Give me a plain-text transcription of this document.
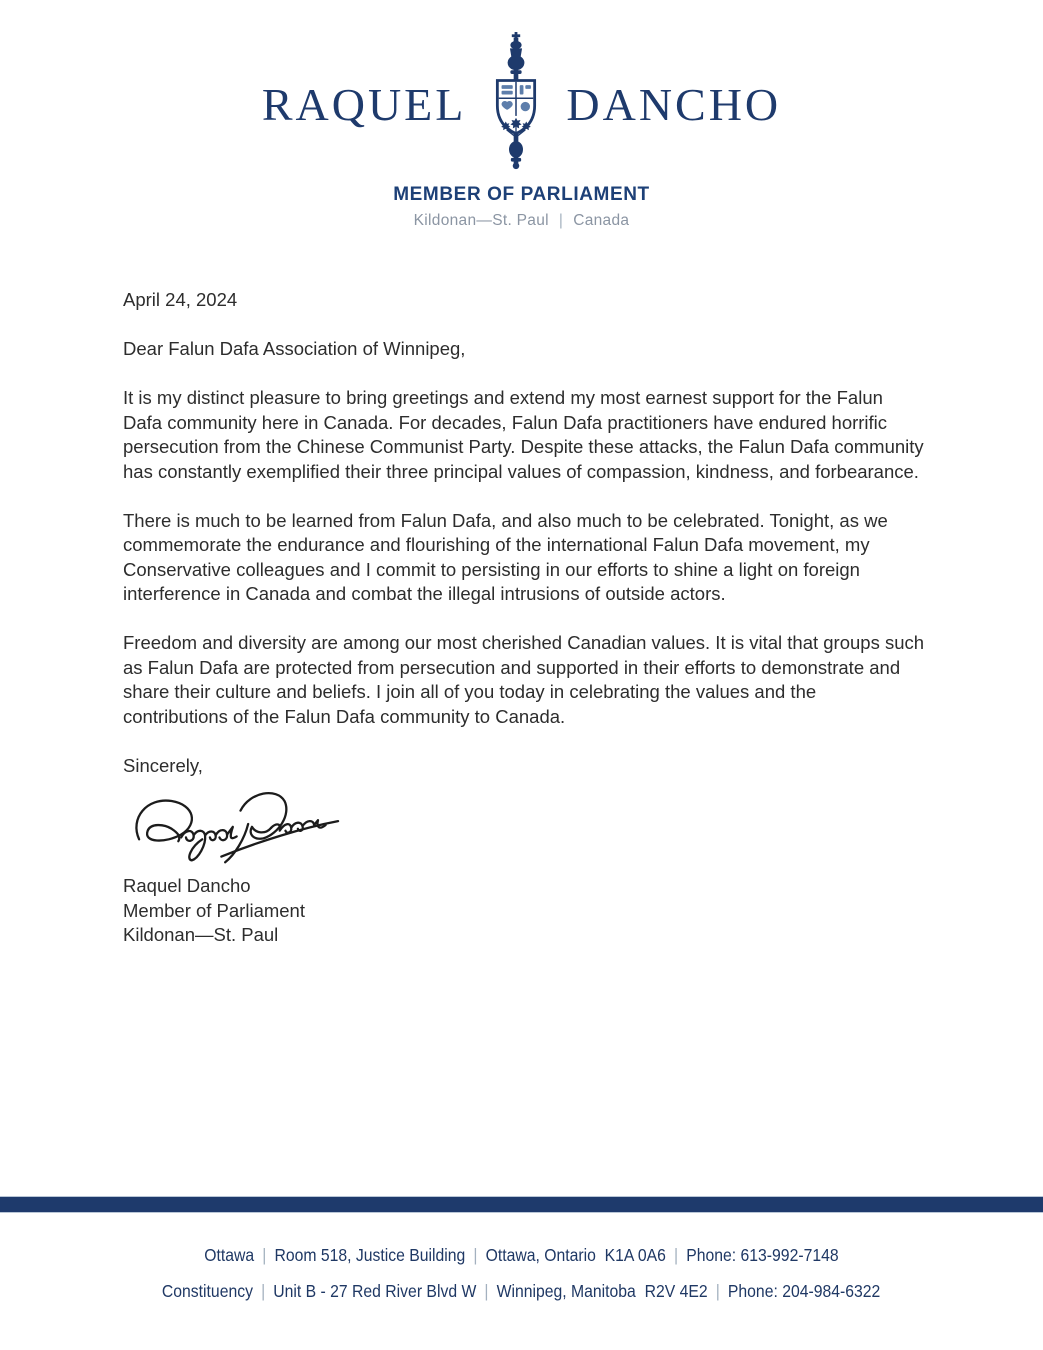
RAQUEL DANCHO
MEMBER OF PARLIAMENT
Kildonan—St. Paul | Canada

April 24, 2024

Dear Falun Dafa Association of Winnipeg,

It is my distinct pleasure to bring greetings and extend my most earnest support for the Falun Dafa community here in Canada. For decades, Falun Dafa practitioners have endured horrific persecution from the Chinese Communist Party. Despite these attacks, the Falun Dafa community has constantly exemplified their three principal values of compassion, kindness, and forbearance.

There is much to be learned from Falun Dafa, and also much to be celebrated. Tonight, as we commemorate the endurance and flourishing of the international Falun Dafa movement, my Conservative colleagues and I commit to persisting in our efforts to shine a light on foreign interference in Canada and combat the illegal intrusions of outside actors.

Freedom and diversity are among our most cherished Canadian values. It is vital that groups such as Falun Dafa are protected from persecution and supported in their efforts to demonstrate and share their culture and beliefs. I join all of you today in celebrating the values and the contributions of the Falun Dafa community to Canada.

Sincerely,

Raquel Dancho
Member of Parliament
Kildonan—St. Paul
Ottawa | Room 518, Justice Building | Ottawa, Ontario  K1A 0A6 | Phone: 613-992-7148
Constituency | Unit B - 27 Red River Blvd W | Winnipeg, Manitoba  R2V 4E2 | Phone: 204-984-6322
